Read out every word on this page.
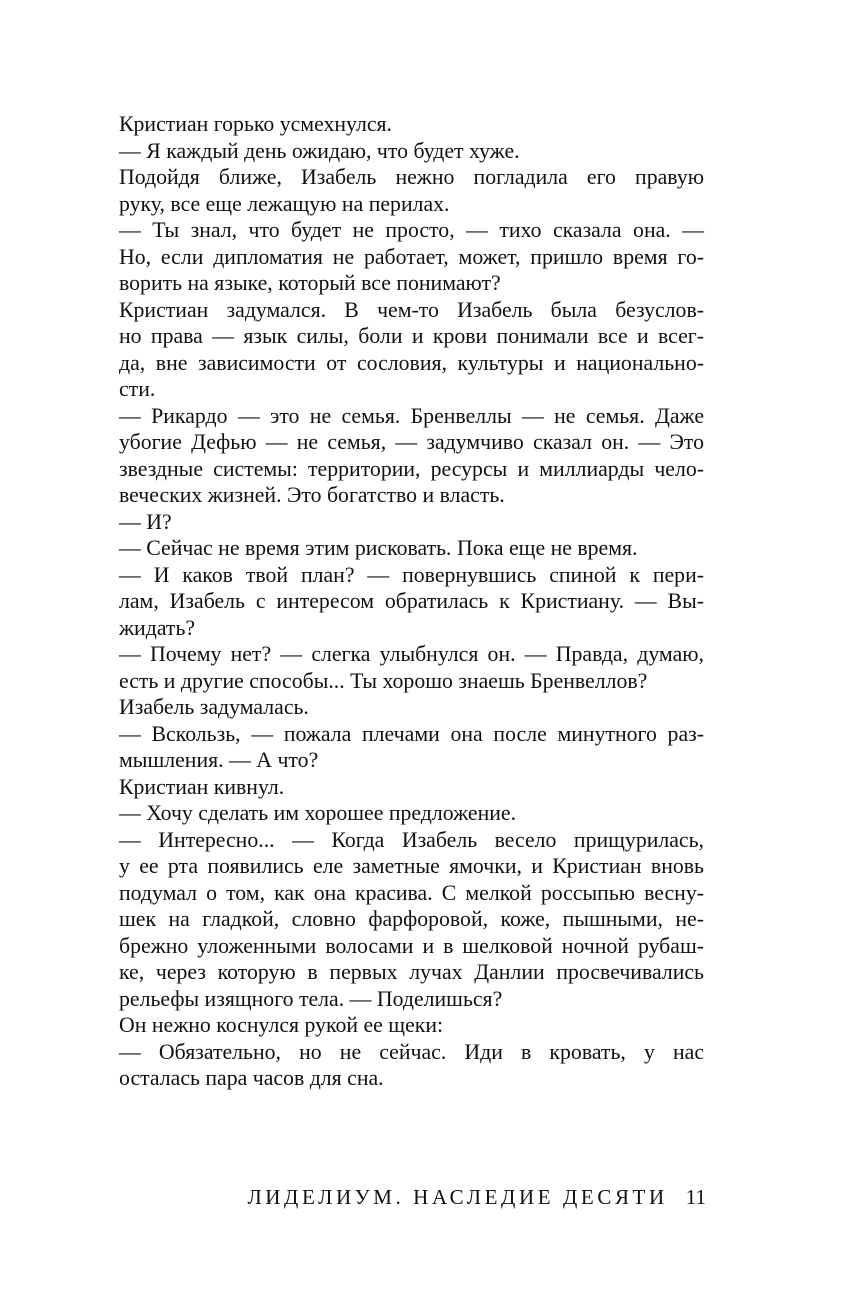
Кристиан горько усмехнулся.
— Я каждый день ожидаю, что будет хуже.
Подойдя ближе, Изабель нежно погладила его правую
руку, все еще лежащую на перилах.
— Ты знал, что будет не просто, — тихо сказала она. —
Но, если дипломатия не работает, может, пришло время го-
ворить на языке, который все понимают?
Кристиан задумался. В чем-то Изабель была безуслов-
но права — язык силы, боли и крови понимали все и всег-
да, вне зависимости от сословия, культуры и национально-
сти.
— Рикардо — это не семья. Бренвеллы — не семья. Даже
убогие Дефью — не семья, — задумчиво сказал он. — Это
звездные системы: территории, ресурсы и миллиарды чело-
веческих жизней. Это богатство и власть.
— И?
— Сейчас не время этим рисковать. Пока еще не время.
— И каков твой план? — повернувшись спиной к пери-
лам, Изабель с интересом обратилась к Кристиану. — Вы-
жидать?
— Почему нет? — слегка улыбнулся он. — Правда, думаю,
есть и другие способы... Ты хорошо знаешь Бренвеллов?
Изабель задумалась.
— Вскользь, — пожала плечами она после минутного раз-
мышления. — А что?
Кристиан кивнул.
— Хочу сделать им хорошее предложение.
— Интересно... — Когда Изабель весело прищурилась,
у ее рта появились еле заметные ямочки, и Кристиан вновь
подумал о том, как она красива. С мелкой россыпью весну-
шек на гладкой, словно фарфоровой, коже, пышными, не-
брежно уложенными волосами и в шелковой ночной рубаш-
ке, через которую в первых лучах Данлии просвечивались
рельефы изящного тела. — Поделишься?
Он нежно коснулся рукой ее щеки:
— Обязательно, но не сейчас. Иди в кровать, у нас
осталась пара часов для сна.
ЛИДЕЛИУМ. НАСЛЕДИЕ ДЕСЯТИ 11
